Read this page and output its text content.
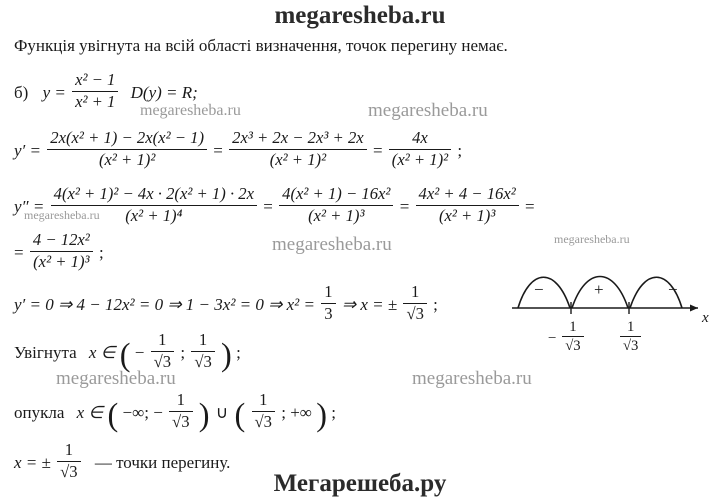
megaresheba.ru
Функція увігнута на всій області визначення, точок перегину немає.
б) $y = \frac{\text{x² − 1}}{\text{x² + 1}} D(y) = R$;
megaresheba.ru	megaresheba.ru
$y' = \frac{\text{2x(x² + 1) − 2x(x² − 1)}}{\text{(x² + 1)²}} = \frac{\text{2x³ + 2x − 2x³ + 2x}}{\text{(x² + 1)²}} = \frac{4x}{\text{(x² + 1)²}}$ ;
$y'' = \frac{\text{4(x² + 1)² − 4x · 2(x² + 1) · 2x}}{\text{(x² + 1)⁴}} = \frac{\text{4(x² + 1) − 16x²}}{\text{(x² + 1)³}} = \frac{\text{4x² + 4 − 16x²}}{\text{(x² + 1)³}}$ =
megaresheba.ru
= $\frac{\text{4 − 12x²}}{\text{(x² + 1)³}}$ ;	megaresheba.ru	megaresheba.ru
y′ = 0 ⇒ 4 − 12x² = 0 ⇒ 1 − 3x² = 0 ⇒ $x^2 = \frac{1}{3}$ ⇒ x = ± $\frac{1}{√3}$ ;
Увігнута x ∈ ( − $\frac{1}{√3}$ ; $\frac{1}{√3}$ ) ;
megaresheba.ru	megaresheba.ru
опукла x ∈ ( −∞; − $\frac{1}{√3}$ ) ∪ ( $\frac{1}{√3}$ ; +∞ ) ;
x = ± $\frac{1}{√3}$ — точки перегину.
−	+	−
x
− $\frac{1}{√3} \frac{1}{√3}$
Мегарешеба.ру
